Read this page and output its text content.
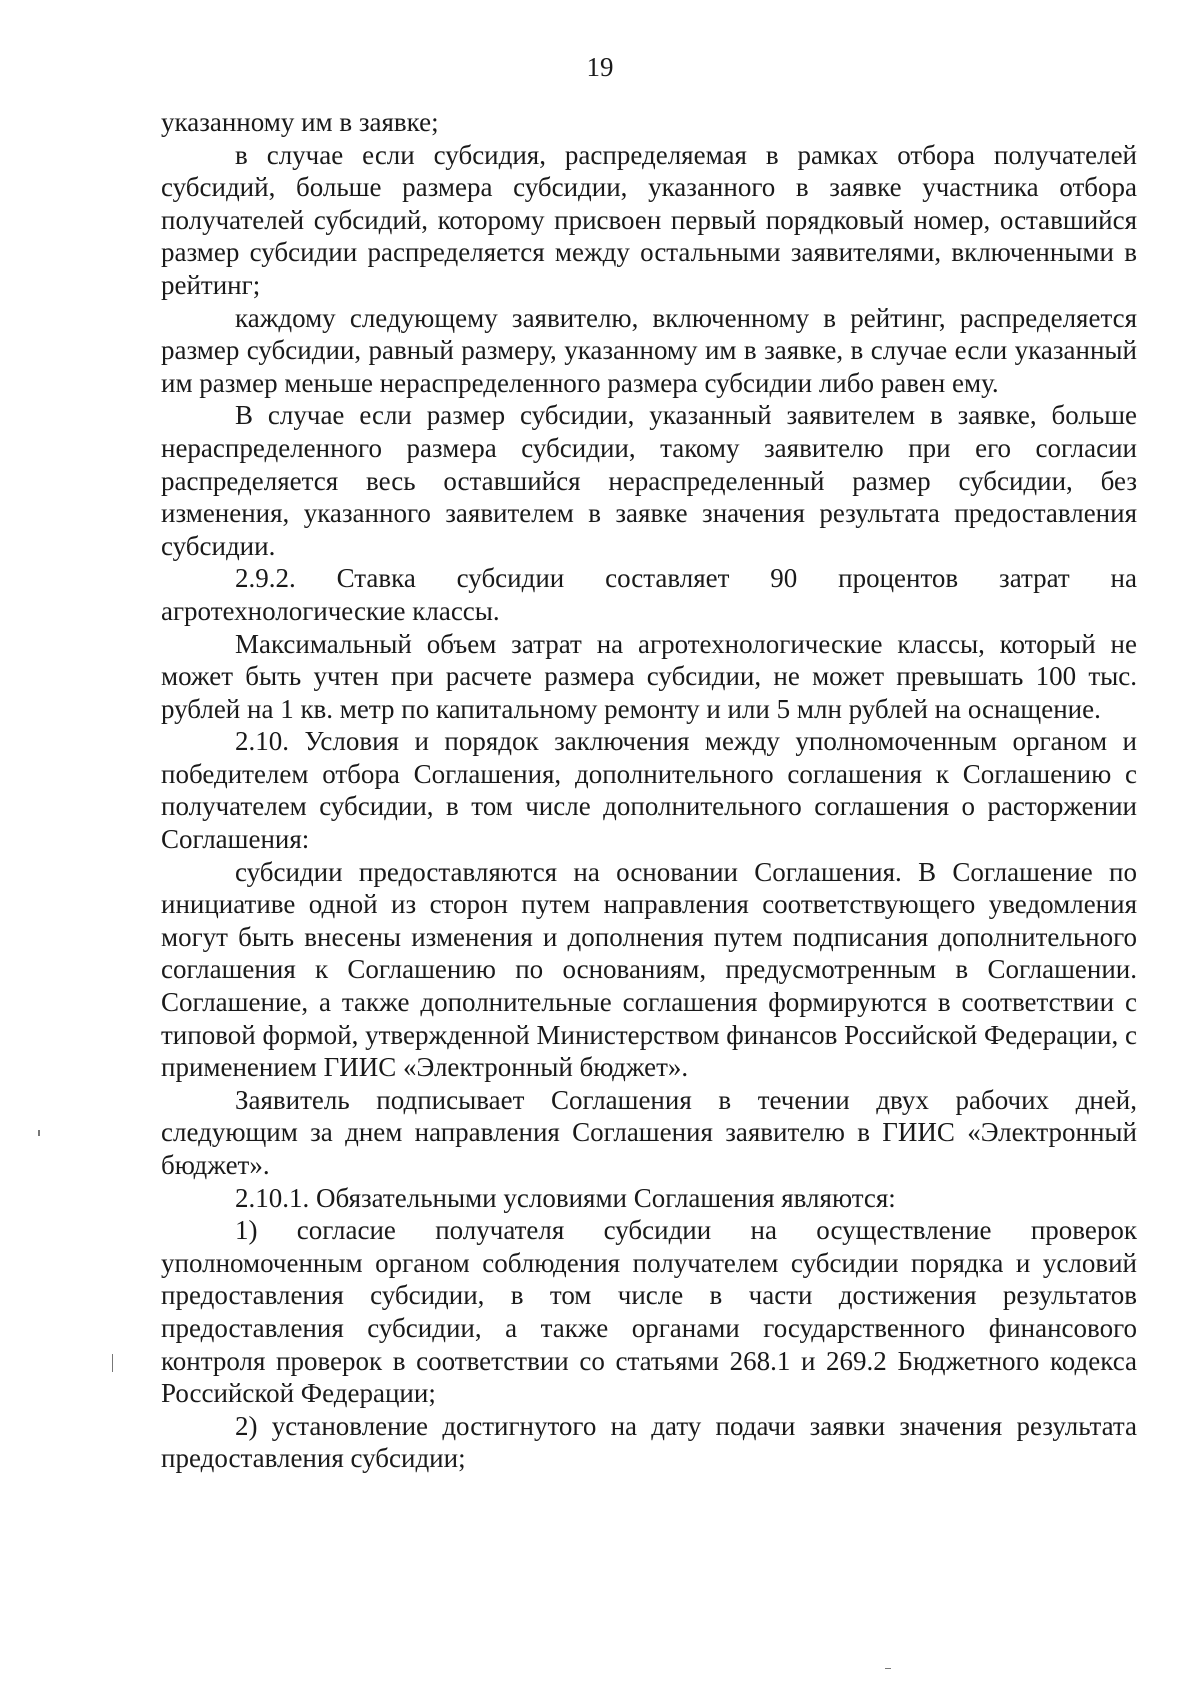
19

указанному им в заявке;

в случае если субсидия, распределяемая в рамках отбора получателей субсидий, больше размера субсидии, указанного в заявке участника отбора получателей субсидий, которому присвоен первый порядковый номер, оставшийся размер субсидии распределяется между остальными заявителями, включенными в рейтинг;

каждому следующему заявителю, включенному в рейтинг, распределяется размер субсидии, равный размеру, указанному им в заявке, в случае если указанный им размер меньше нераспределенного размера субсидии либо равен ему.

В случае если размер субсидии, указанный заявителем в заявке, больше нераспределенного размера субсидии, такому заявителю при его согласии распределяется весь оставшийся нераспределенный размер субсидии, без изменения, указанного заявителем в заявке значения результата предоставления субсидии.

2.9.2. Ставка субсидии составляет 90 процентов затрат на агротехнологические классы.

Максимальный объем затрат на агротехнологические классы, который не может быть учтен при расчете размера субсидии, не может превышать 100 тыс. рублей на 1 кв. метр по капитальному ремонту и или 5 млн рублей на оснащение.

2.10. Условия и порядок заключения между уполномоченным органом и победителем отбора Соглашения, дополнительного соглашения к Соглашению с получателем субсидии, в том числе дополнительного соглашения о расторжении Соглашения:

субсидии предоставляются на основании Соглашения. В Соглашение по инициативе одной из сторон путем направления соответствующего уведомления могут быть внесены изменения и дополнения путем подписания дополнительного соглашения к Соглашению по основаниям, предусмотренным в Соглашении. Соглашение, а также дополнительные соглашения формируются в соответствии с типовой формой, утвержденной Министерством финансов Российской Федерации, с применением ГИИС «Электронный бюджет».

Заявитель подписывает Соглашения в течении двух рабочих дней, следующим за днем направления Соглашения заявителю в ГИИС «Электронный бюджет».

2.10.1. Обязательными условиями Соглашения являются:

1) согласие получателя субсидии на осуществление проверок уполномоченным органом соблюдения получателем субсидии порядка и условий предоставления субсидии, в том числе в части достижения результатов предоставления субсидии, а также органами государственного финансового контроля проверок в соответствии со статьями 268.1 и 269.2 Бюджетного кодекса Российской Федерации;

2) установление достигнутого на дату подачи заявки значения результата предоставления субсидии;
